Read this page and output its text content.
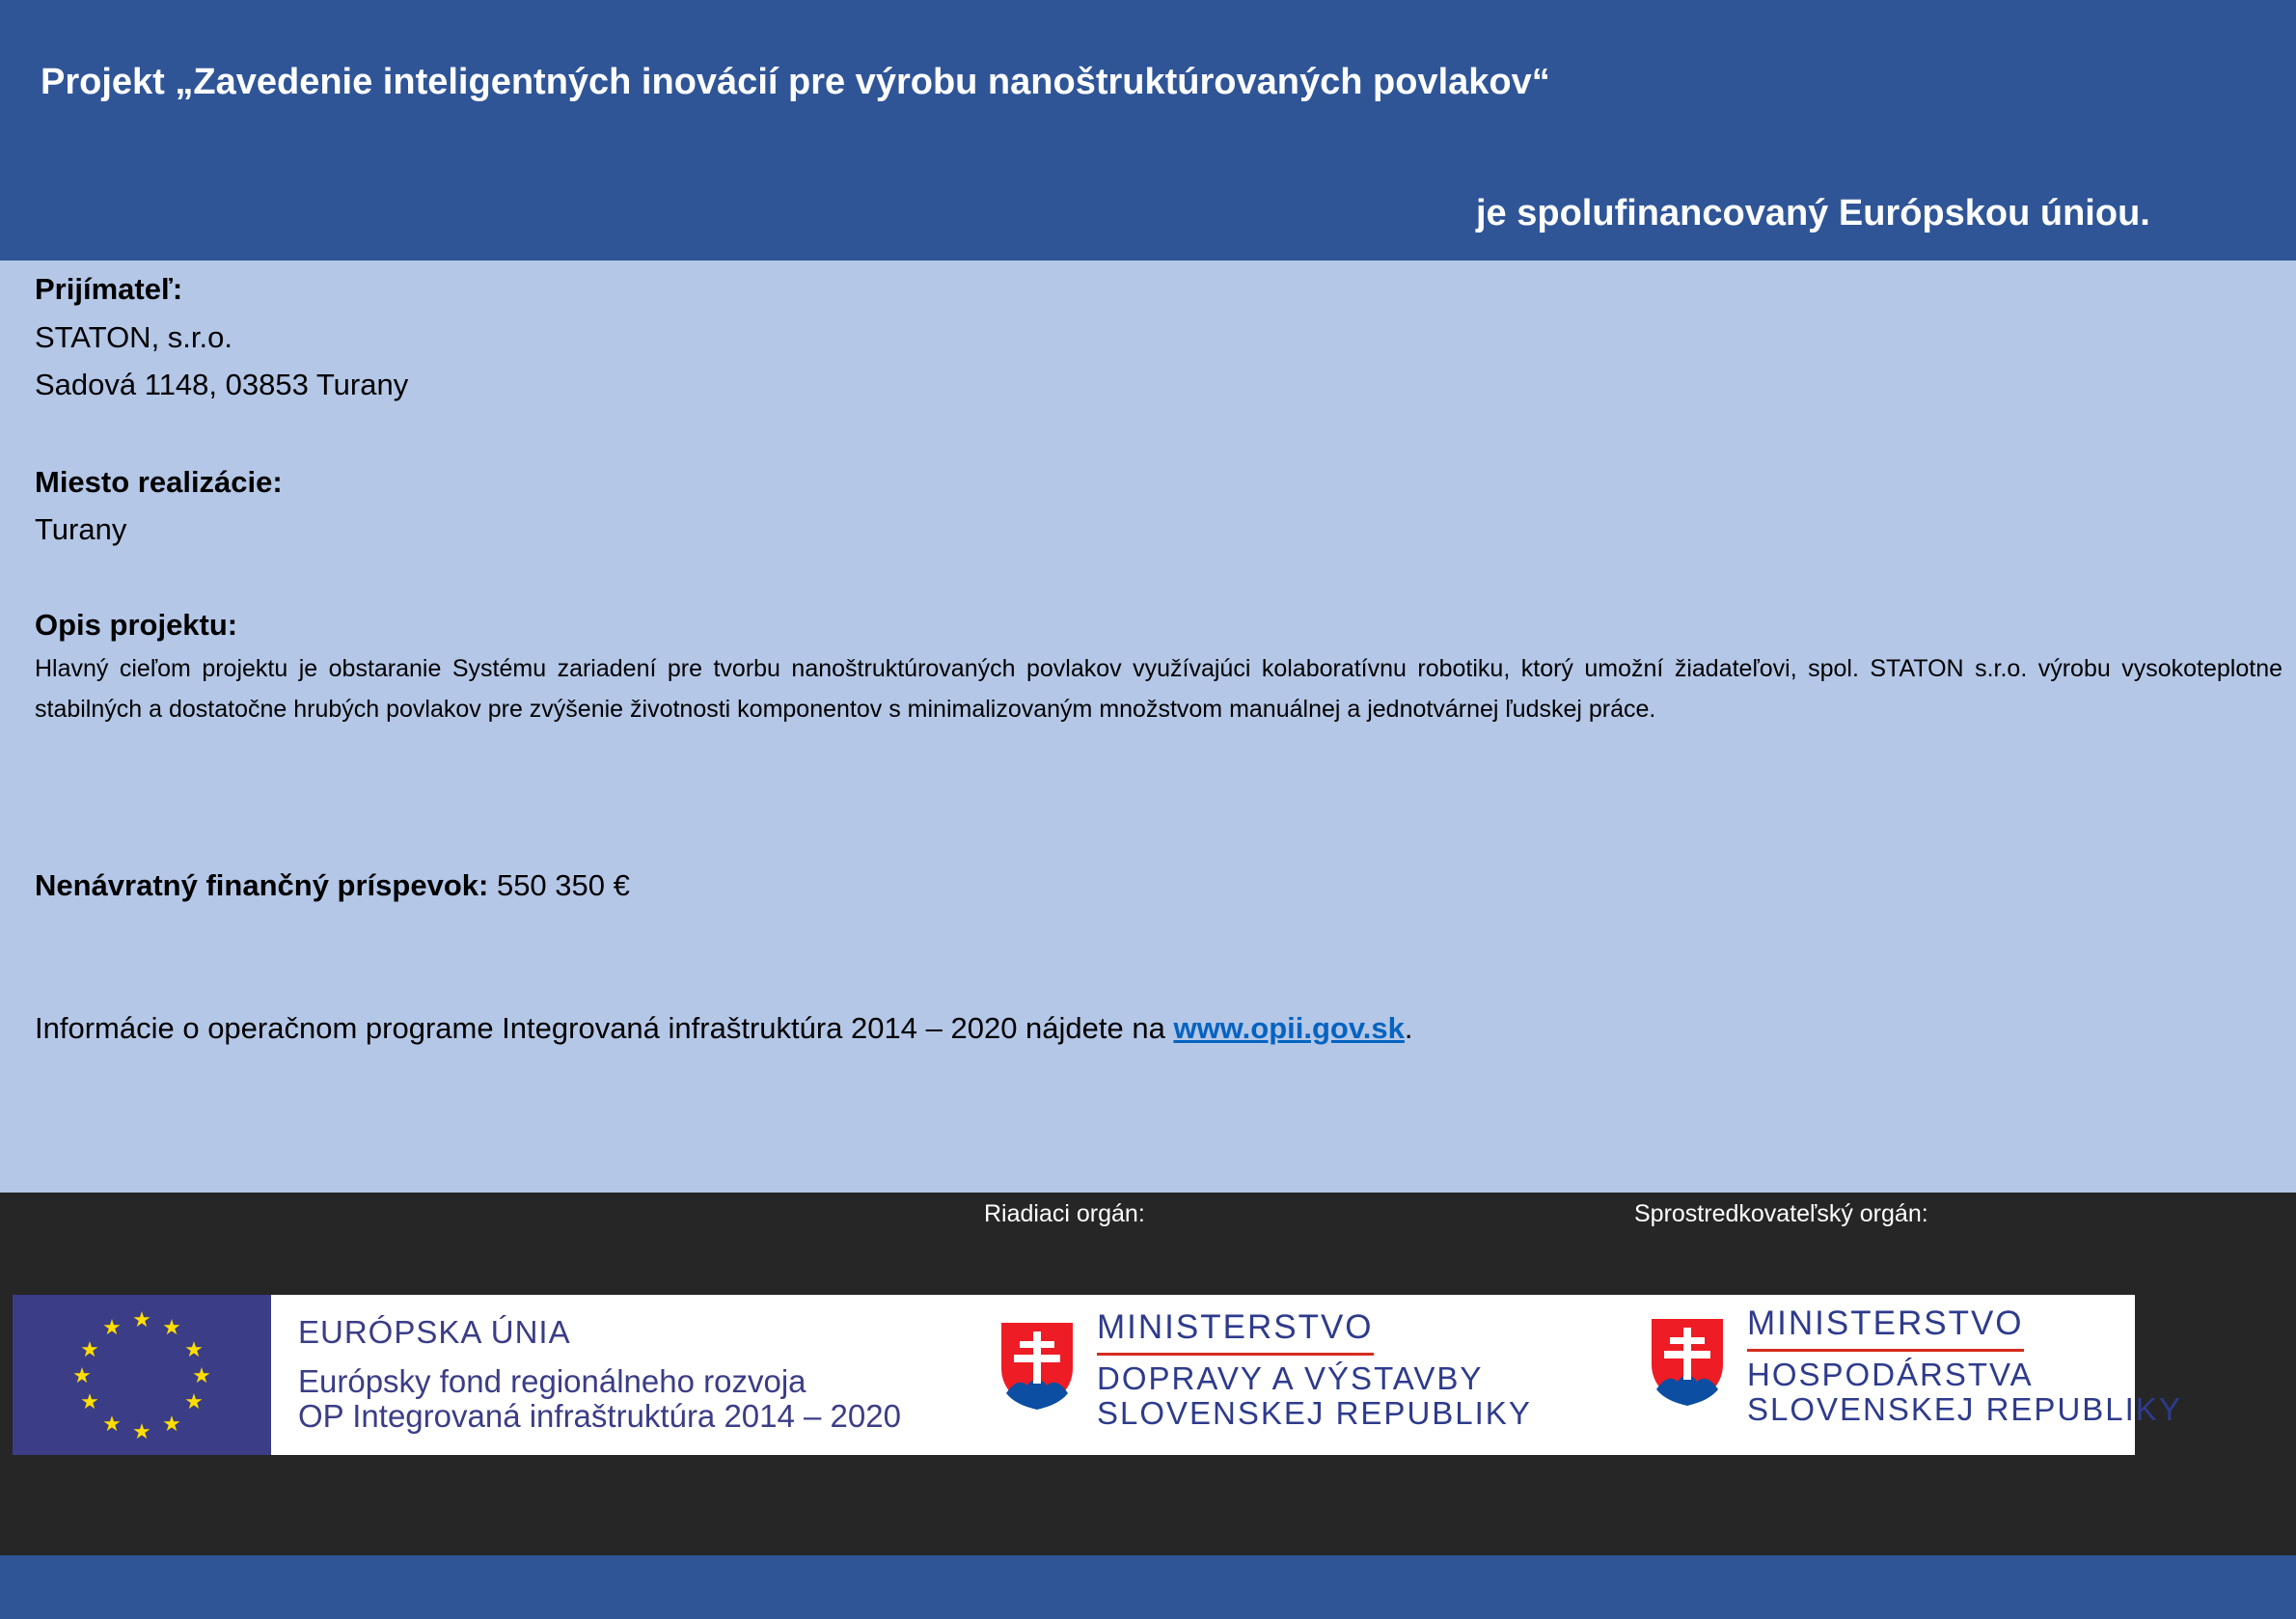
Projekt „Zavedenie inteligentných inovácií pre výrobu nanoštruktúrovaných povlakov“
je spolufinancovaný Európskou úniou.
Prijímateľ:
STATON, s.r.o.
Sadová 1148, 03853 Turany
Miesto realizácie:
Turany
Opis projektu:
Hlavný cieľom projektu je obstaranie Systému zariadení pre tvorbu nanoštruktúrovaných povlakov využívajúci kolaboratívnu robotiku, ktorý umožní žiadateľovi, spol. STATON s.r.o. výrobu vysokoteplotne stabilných a dostatočne hrubých povlakov pre zvýšenie životnosti komponentov s minimalizovaným množstvom manuálnej a jednotvárnej ľudskej práce.
Nenávratný finančný príspevok: 550 350 €
Informácie o operačnom programe Integrovaná infraštruktúra 2014 – 2020 nájdete na www.opii.gov.sk.
Riadiaci orgán:	Sprostredkovateľský orgán:
★ ★
★
★
★
★
★
★
★
★
★
★	EURÓPSKA ÚNIA
Európsky fond regionálneho rozvoja
OP Integrovaná infraštruktúra 2014 – 2020
MINISTERSTVO
DOPRAVY A VÝSTAVBY
SLOVENSKEJ REPUBLIKY
MINISTERSTVO
HOSPODÁRSTVA
SLOVENSKEJ REPUBLIKY
